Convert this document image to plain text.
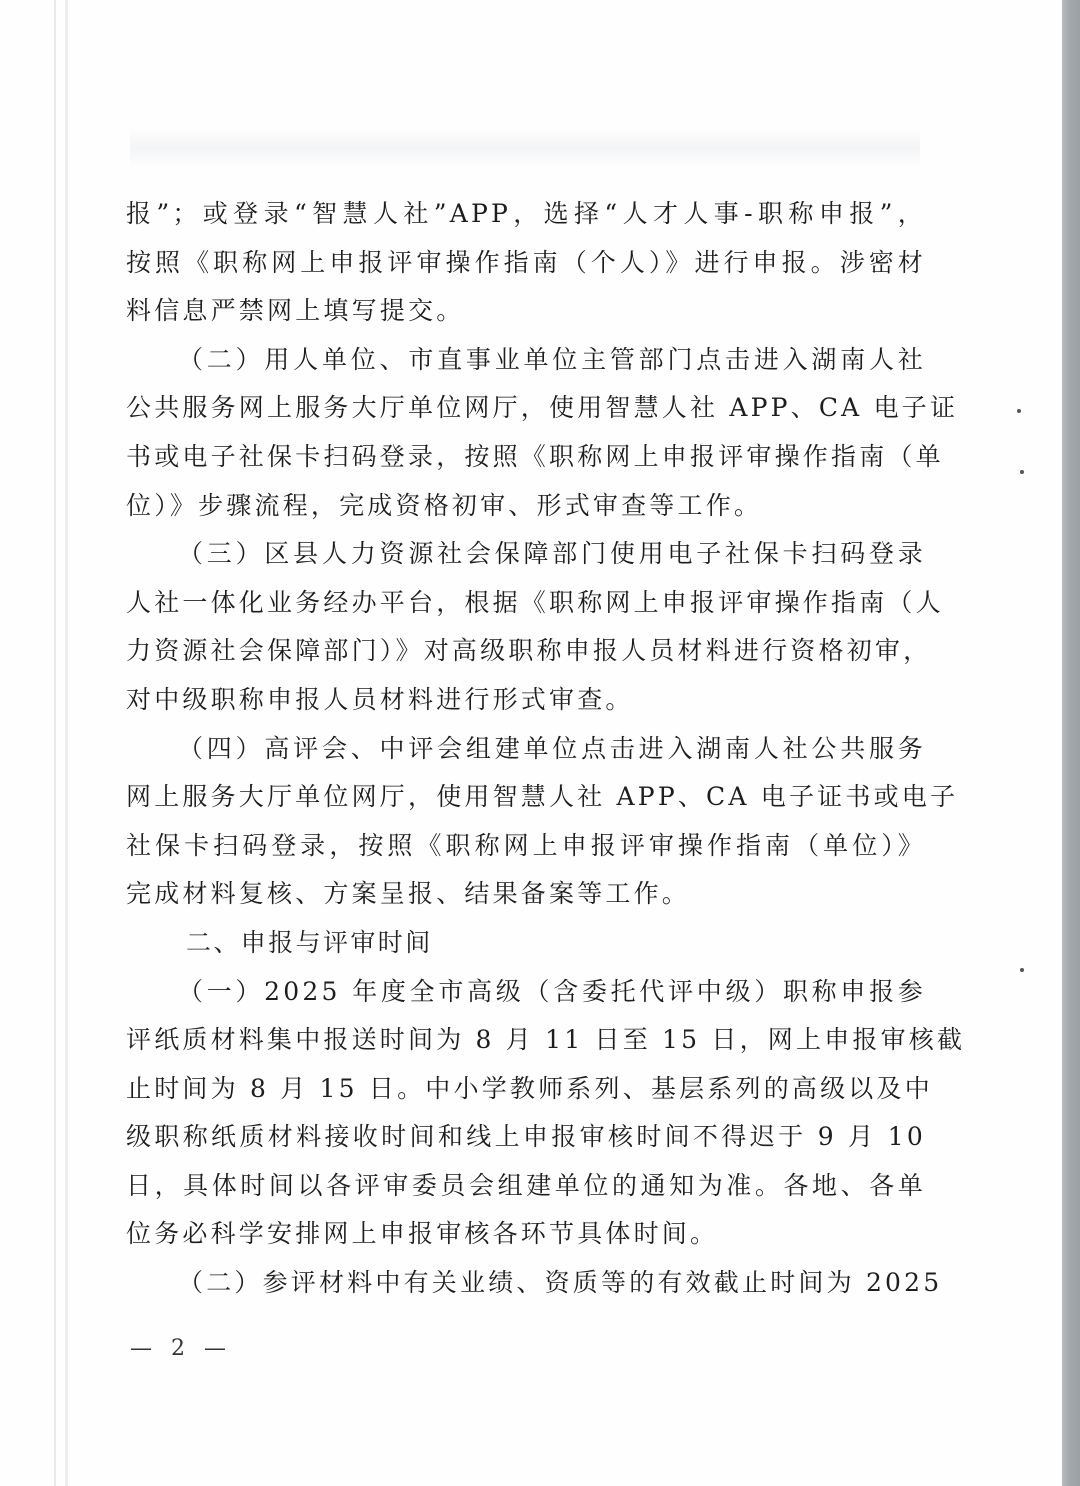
报”；或登录“智慧人社”APP，选择“人才人事-职称申报”，
按照《职称网上申报评审操作指南（个人）》进行申报。涉密材
料信息严禁网上填写提交。
（二）用人单位、市直事业单位主管部门点击进入湖南人社
公共服务网上服务大厅单位网厅，使用智慧人社 APP、CA 电子证
书或电子社保卡扫码登录，按照《职称网上申报评审操作指南（单
位）》步骤流程，完成资格初审、形式审查等工作。
（三）区县人力资源社会保障部门使用电子社保卡扫码登录
人社一体化业务经办平台，根据《职称网上申报评审操作指南（人
力资源社会保障部门）》对高级职称申报人员材料进行资格初审，
对中级职称申报人员材料进行形式审查。
（四）高评会、中评会组建单位点击进入湖南人社公共服务
网上服务大厅单位网厅，使用智慧人社 APP、CA 电子证书或电子
社保卡扫码登录，按照《职称网上申报评审操作指南（单位）》
完成材料复核、方案呈报、结果备案等工作。
二、申报与评审时间
（一）2025 年度全市高级（含委托代评中级）职称申报参
评纸质材料集中报送时间为 8 月 11 日至 15 日，网上申报审核截
止时间为 8 月 15 日。中小学教师系列、基层系列的高级以及中
级职称纸质材料接收时间和线上申报审核时间不得迟于 9 月 10
日，具体时间以各评审委员会组建单位的通知为准。各地、各单
位务必科学安排网上申报审核各环节具体时间。
（二）参评材料中有关业绩、资质等的有效截止时间为 2025
— 2 —
